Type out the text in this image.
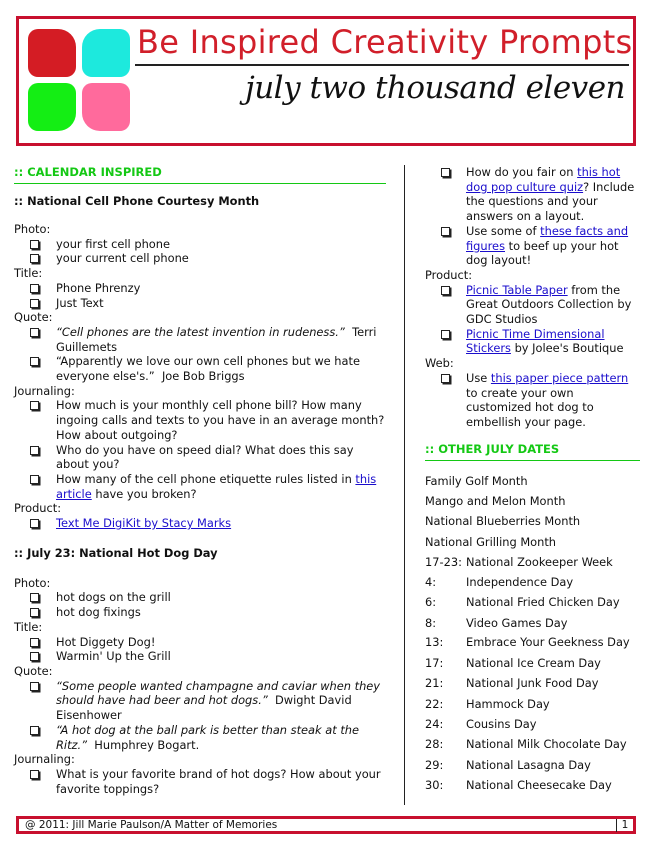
Be Inspired Creativity Prompts
july two thousand eleven
:: CALENDAR INSPIRED
:: National Cell Phone Courtesy Month
Photo:
your first cell phone
your current cell phone
Title:
Phone Phrenzy
Just Text
Quote:
“Cell phones are the latest invention in rudeness.” Terri Guillemets
“Apparently we love our own cell phones but we hate everyone else's.” Joe Bob Briggs
Journaling:
How much is your monthly cell phone bill? How many ingoing calls and texts to you have in an average month? How about outgoing?
Who do you have on speed dial? What does this say about you?
How many of the cell phone etiquette rules listed in this article have you broken?
Product:
Text Me DigiKit by Stacy Marks
:: July 23: National Hot Dog Day
Photo:
hot dogs on the grill
hot dog fixings
Title:
Hot Diggety Dog!
Warmin' Up the Grill
Quote:
“Some people wanted champagne and caviar when they should have had beer and hot dogs.” Dwight David Eisenhower
“A hot dog at the ball park is better than steak at the Ritz.” Humphrey Bogart.
Journaling:
What is your favorite brand of hot dogs? How about your favorite toppings?
How do you fair on this hot dog pop culture quiz? Include the questions and your answers on a layout.
Use some of these facts and figures to beef up your hot dog layout!
Product:
Picnic Table Paper from the Great Outdoors Collection by GDC Studios
Picnic Time Dimensional Stickers by Jolee's Boutique
Web:
Use this paper piece pattern to create your own customized hot dog to embellish your page.
:: OTHER JULY DATES
Family Golf Month
Mango and Melon Month
National Blueberries Month
National Grilling Month
17-23: National Zookeeper Week
4:	Independence Day
6:	National Fried Chicken Day
8:	Video Games Day
13:	Embrace Your Geekness Day
17:	National Ice Cream Day
21:	National Junk Food Day
22:	Hammock Day
24:	Cousins Day
28:	National Milk Chocolate Day
29:	National Lasagna Day
30:	National Cheesecake Day
@ 2011: Jill Marie Paulson/A Matter of Memories	1
